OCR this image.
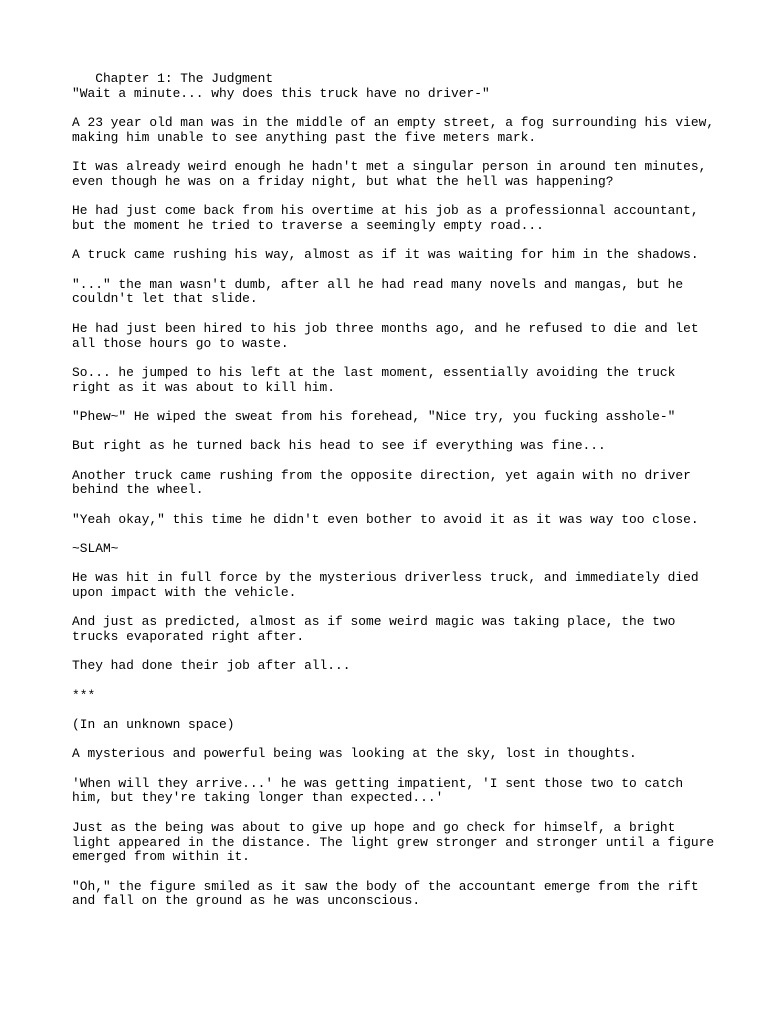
Chapter 1: The Judgment
"Wait a minute... why does this truck have no driver-"
A 23 year old man was in the middle of an empty street, a fog surrounding his view,
making him unable to see anything past the five meters mark.
It was already weird enough he hadn't met a singular person in around ten minutes,
even though he was on a friday night, but what the hell was happening?
He had just come back from his overtime at his job as a professionnal accountant,
but the moment he tried to traverse a seemingly empty road...
A truck came rushing his way, almost as if it was waiting for him in the shadows.
"..." the man wasn't dumb, after all he had read many novels and mangas, but he
couldn't let that slide.
He had just been hired to his job three months ago, and he refused to die and let
all those hours go to waste.
So... he jumped to his left at the last moment, essentially avoiding the truck
right as it was about to kill him.
"Phew~" He wiped the sweat from his forehead, "Nice try, you fucking asshole-"
But right as he turned back his head to see if everything was fine...
Another truck came rushing from the opposite direction, yet again with no driver
behind the wheel.
"Yeah okay," this time he didn't even bother to avoid it as it was way too close.
~SLAM~
He was hit in full force by the mysterious driverless truck, and immediately died
upon impact with the vehicle.
And just as predicted, almost as if some weird magic was taking place, the two
trucks evaporated right after.
They had done their job after all...
***
(In an unknown space)
A mysterious and powerful being was looking at the sky, lost in thoughts.
'When will they arrive...' he was getting impatient, 'I sent those two to catch
him, but they're taking longer than expected...'
Just as the being was about to give up hope and go check for himself, a bright
light appeared in the distance. The light grew stronger and stronger until a figure
emerged from within it.
"Oh," the figure smiled as it saw the body of the accountant emerge from the rift
and fall on the ground as he was unconscious.
